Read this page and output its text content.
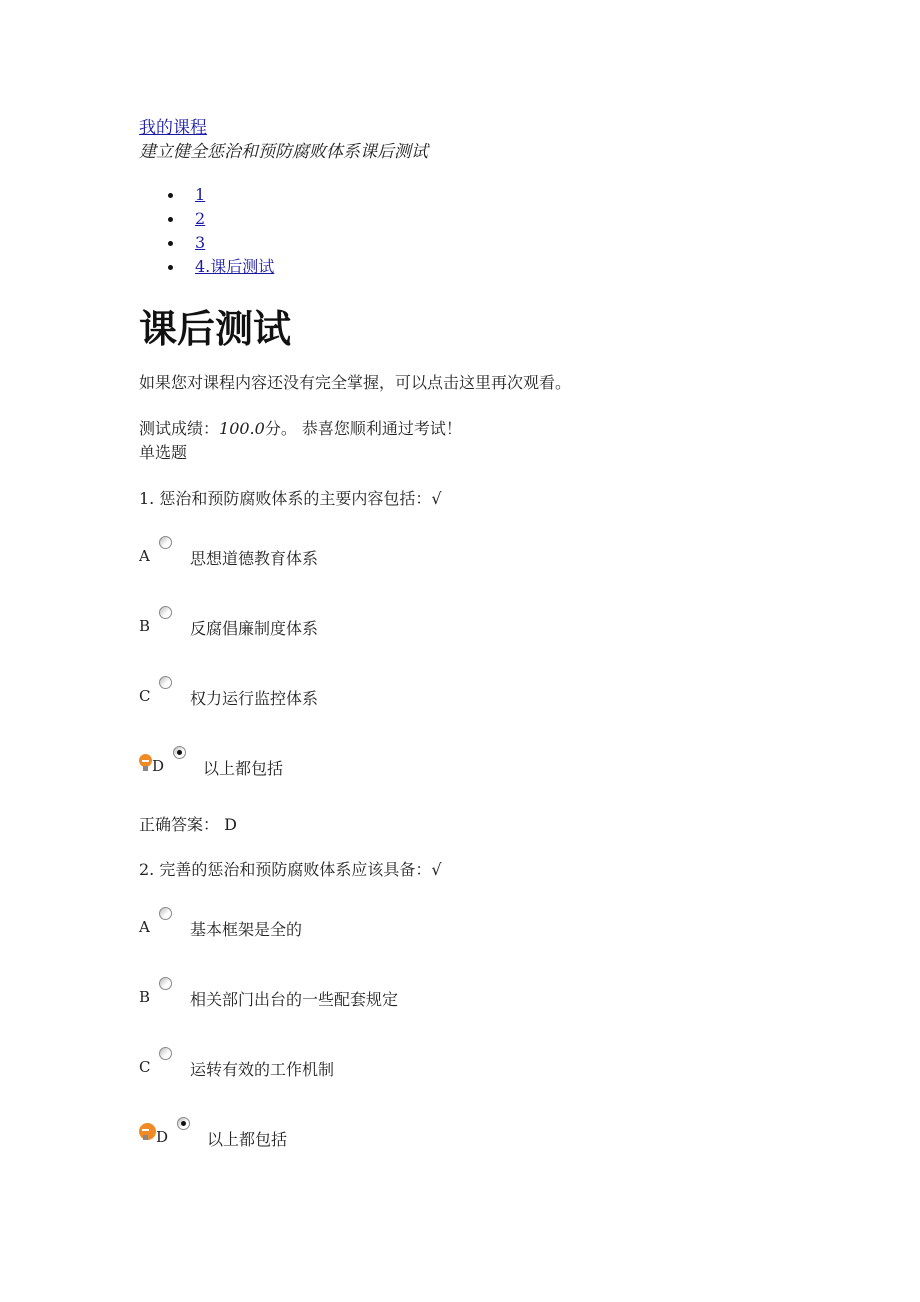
我的课程
建立健全惩治和预防腐败体系课后测试
1
2
3
4.课后测试
课后测试
如果您对课程内容还没有完全掌握，可以点击这里再次观看。
测试成绩：100.0分。 恭喜您顺利通过考试！
单选题
1. 惩治和预防腐败体系的主要内容包括：√
A	思想道德教育体系
B 反腐倡廉制度体系
C 权力运行监控体系
D 以上都包括
正确答案： D
2. 完善的惩治和预防腐败体系应该具备：√
A	基本框架是全的
B 相关部门出台的一些配套规定
C 运转有效的工作机制
D 以上都包括
